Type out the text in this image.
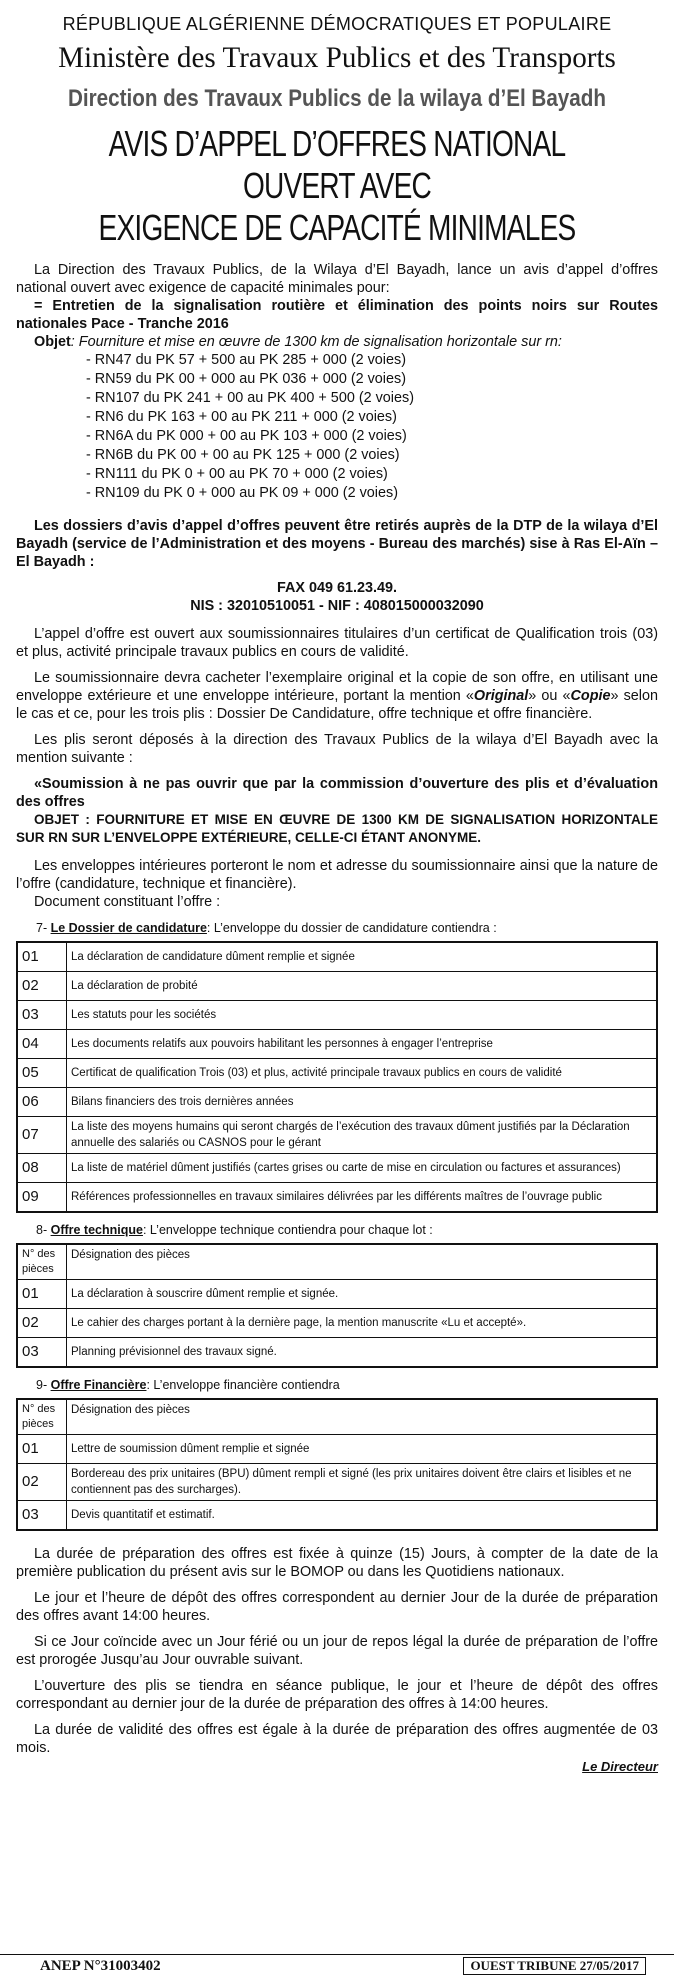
RÉPUBLIQUE ALGÉRIENNE DÉMOCRATIQUES ET POPULAIRE
Ministère des Travaux Publics et des Transports
Direction des Travaux Publics de la wilaya d’El Bayadh
AVIS D’APPEL D’OFFRES NATIONAL OUVERT AVEC
EXIGENCE DE CAPACITÉ MINIMALES
La Direction des Travaux Publics, de la Wilaya d’El Bayadh, lance un avis d’appel d’offres national ouvert avec exigence de capacité minimales pour:
= Entretien de la signalisation routière et élimination des points noirs sur Routes nationales Pace - Tranche 2016
Objet: Fourniture et mise en œuvre de 1300 km de signalisation horizontale sur rn:
- RN47 du PK 57 + 500 au PK 285 + 000 (2 voies)
- RN59 du PK 00 + 000 au PK 036 + 000 (2 voies)
- RN107 du PK 241 + 00 au PK 400 + 500 (2 voies)
- RN6 du PK 163 + 00 au PK 211 + 000 (2 voies)
- RN6A du PK 000 + 00 au PK 103 + 000 (2 voies)
- RN6B du PK 00 + 00 au PK 125 + 000 (2 voies)
- RN111 du PK 0 + 00 au PK 70 + 000 (2 voies)
- RN109 du PK 0 + 000 au PK 09 + 000 (2 voies)
Les dossiers d’avis d’appel d’offres peuvent être retirés auprès de la DTP de la wilaya d’El Bayadh (service de l’Administration et des moyens - Bureau des marchés) sise à Ras El-Aïn – El Bayadh :
FAX 049 61.23.49.
NIS : 32010510051 - NIF : 408015000032090
L’appel d’offre est ouvert aux soumissionnaires titulaires d’un certificat de Qualification trois (03) et plus, activité principale travaux publics en cours de validité.
Le soumissionnaire devra cacheter l’exemplaire original et la copie de son offre, en utilisant une enveloppe extérieure et une enveloppe intérieure, portant la mention «Original» ou «Copie» selon le cas et ce, pour les trois plis : Dossier De Candidature, offre technique et offre financière.
Les plis seront déposés à la direction des Travaux Publics de la wilaya d’El Bayadh avec la mention suivante :
«Soumission à ne pas ouvrir que par la commission d’ouverture des plis et d’évaluation des offres
OBJET : FOURNITURE ET MISE EN ŒUVRE DE 1300 KM DE SIGNALISATION HORIZONTALE SUR RN SUR L’ENVELOPPE EXTÉRIEURE, CELLE-CI ÉTANT ANONYME.
Les enveloppes intérieures porteront le nom et adresse du soumissionnaire ainsi que la nature de l’offre (candidature, technique et financière).
Document constituant l’offre :
7- Le Dossier de candidature: L’enveloppe du dossier de candidature contiendra :
01	La déclaration de candidature dûment remplie et signée
02	La déclaration de probité
03	Les statuts pour les sociétés
04	Les documents relatifs aux pouvoirs habilitant les personnes à engager l’entreprise
05	Certificat de qualification Trois (03) et plus, activité principale travaux publics en cours de validité
06	Bilans financiers des trois dernières années
07	La liste des moyens humains qui seront chargés de l’exécution des travaux dûment justifiés par la Déclaration annuelle des salariés ou CASNOS pour le gérant
08	La liste de matériel dûment justifiés (cartes grises ou carte de mise en circulation ou factures et assurances)
09	Références professionnelles en travaux similaires délivrées par les différents maîtres de l’ouvrage public
8- Offre technique: L’enveloppe technique contiendra pour chaque lot :
N° des pièces	Désignation des pièces
01	La déclaration à souscrire dûment remplie et signée.
02	Le cahier des charges portant à la dernière page, la mention manuscrite «Lu et accepté».
03	Planning prévisionnel des travaux signé.
9- Offre Financière: L’enveloppe financière contiendra
N° des pièces	Désignation des pièces
01	Lettre de soumission dûment remplie et signée
02	Bordereau des prix unitaires (BPU) dûment rempli et signé (les prix unitaires doivent être clairs et lisibles et ne contiennent pas des surcharges).
03	Devis quantitatif et estimatif.
La durée de préparation des offres est fixée à quinze (15) Jours, à compter de la date de la première publication du présent avis sur le BOMOP ou dans les Quotidiens nationaux.
Le jour et l’heure de dépôt des offres correspondent au dernier Jour de la durée de préparation des offres avant 14:00 heures.
Si ce Jour coïncide avec un Jour férié ou un jour de repos légal la durée de préparation de l’offre est prorogée Jusqu’au Jour ouvrable suivant.
L’ouverture des plis se tiendra en séance publique, le jour et l’heure de dépôt des offres correspondant au dernier jour de la durée de préparation des offres à 14:00 heures.
La durée de validité des offres est égale à la durée de préparation des offres augmentée de 03 mois.
Le Directeur
ANEP N°31003402	OUEST TRIBUNE 27/05/2017
